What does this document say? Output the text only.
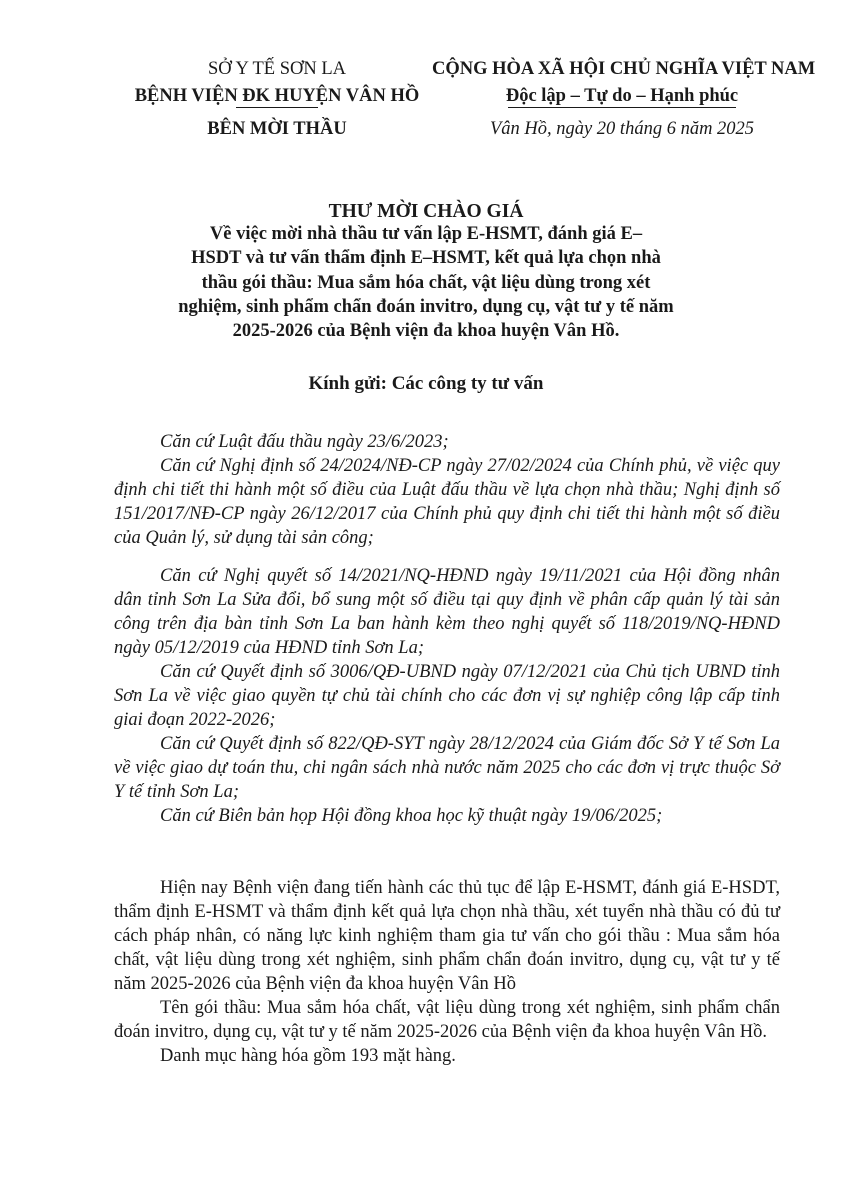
SỞ Y TẾ SƠN LA
BỆNH VIỆN ĐK HUYỆN VÂN HỒ
BÊN MỜI THẦU
CỘNG HÒA XÃ HỘI CHỦ NGHĨA VIỆT NAM
Độc lập – Tự do – Hạnh phúc
Vân Hồ, ngày 20 tháng 6 năm 2025
THƯ MỜI CHÀO GIÁ
Về việc mời nhà thầu tư vấn lập E-HSMT, đánh giá E–
HSDT và tư vấn thẩm định E–HSMT, kết quả lựa chọn nhà
thầu gói thầu: Mua sắm hóa chất, vật liệu dùng trong xét
nghiệm, sinh phẩm chẩn đoán invitro, dụng cụ, vật tư y tế năm
2025-2026 của Bệnh viện đa khoa huyện Vân Hồ.
Kính gửi: Các công ty tư vấn

Căn cứ Luật đấu thầu ngày 23/6/2023;

Căn cứ Nghị định số 24/2024/NĐ-CP ngày 27/02/2024 của Chính phủ, về việc quy định chi tiết thi hành một số điều của Luật đấu thầu về lựa chọn nhà thầu; Nghị định số 151/2017/NĐ-CP ngày 26/12/2017 của Chính phủ quy định chi tiết thi hành một số điều của Quản lý, sử dụng tài sản công;

Căn cứ Nghị quyết số 14/2021/NQ-HĐND ngày 19/11/2021 của Hội đồng nhân dân tỉnh Sơn La Sửa đổi, bổ sung một số điều tại quy định về phân cấp quản lý tài sản công trên địa bàn tỉnh Sơn La ban hành kèm theo nghị quyết số 118/2019/NQ-HĐND ngày 05/12/2019 của HĐND tỉnh Sơn La;

Căn cứ Quyết định số 3006/QĐ-UBND ngày 07/12/2021 của Chủ tịch UBND tỉnh Sơn La về việc giao quyền tự chủ tài chính cho các đơn vị sự nghiệp công lập cấp tỉnh giai đoạn 2022-2026;

Căn cứ Quyết định số 822/QĐ-SYT ngày 28/12/2024 của Giám đốc Sở Y tế Sơn La về việc giao dự toán thu, chi ngân sách nhà nước năm 2025 cho các đơn vị trực thuộc Sở Y tế tỉnh Sơn La;

Căn cứ Biên bản họp Hội đồng khoa học kỹ thuật ngày 19/06/2025;

Hiện nay Bệnh viện đang tiến hành các thủ tục để lập E-HSMT, đánh giá E-HSDT, thẩm định E-HSMT và thẩm định kết quả lựa chọn nhà thầu, xét tuyển nhà thầu có đủ tư cách pháp nhân, có năng lực kinh nghiệm tham gia tư vấn cho gói thầu : Mua sắm hóa chất, vật liệu dùng trong xét nghiệm, sinh phẩm chẩn đoán invitro, dụng cụ, vật tư y tế năm 2025-2026 của Bệnh viện đa khoa huyện Vân Hồ

Tên gói thầu: Mua sắm hóa chất, vật liệu dùng trong xét nghiệm, sinh phẩm chẩn đoán invitro, dụng cụ, vật tư y tế năm 2025-2026 của Bệnh viện đa khoa huyện Vân Hồ.

Danh mục hàng hóa gồm 193 mặt hàng.
